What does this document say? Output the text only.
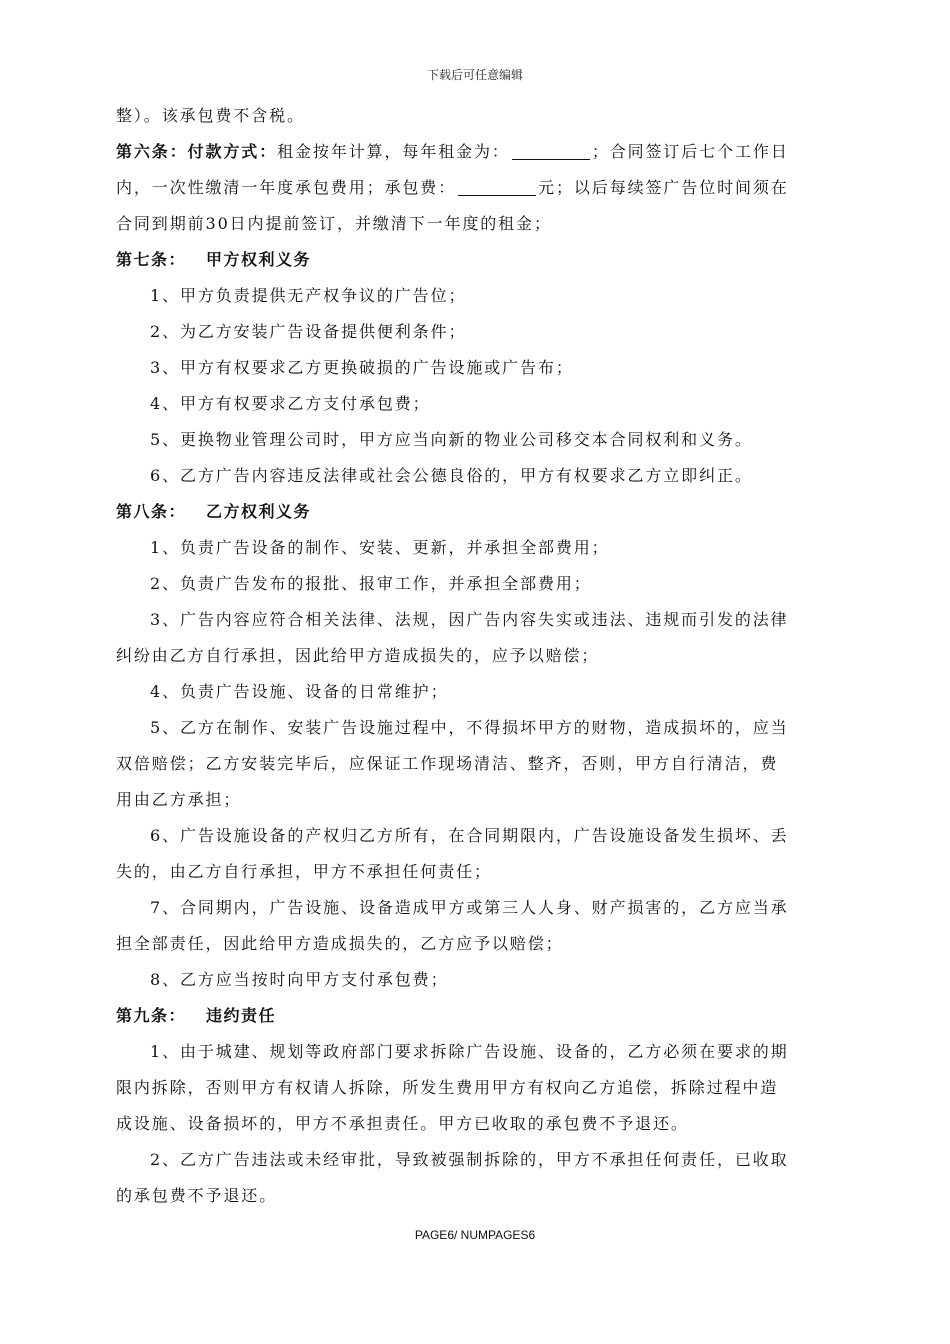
下载后可任意编辑
整）。该承包费不含税。
第六条：付款方式：租金按年计算，每年租金为：	；合同签订后七个工作日
内，一次性缴清一年度承包费用；承包费：	元；以后每续签广告位时间须在
合同到期前30日内提前签订，并缴清下一年度的租金；
第七条： 甲方权利义务
1、甲方负责提供无产权争议的广告位；
2、为乙方安装广告设备提供便利条件；
3、甲方有权要求乙方更换破损的广告设施或广告布；
4、甲方有权要求乙方支付承包费；
5、更换物业管理公司时，甲方应当向新的物业公司移交本合同权利和义务。
6、乙方广告内容违反法律或社会公德良俗的，甲方有权要求乙方立即纠正。
第八条： 乙方权利义务
1、负责广告设备的制作、安装、更新，并承担全部费用；
2、负责广告发布的报批、报审工作，并承担全部费用；
3、广告内容应符合相关法律、法规，因广告内容失实或违法、违规而引发的法律
纠纷由乙方自行承担，因此给甲方造成损失的，应予以赔偿；
4、负责广告设施、设备的日常维护；
5、乙方在制作、安装广告设施过程中，不得损坏甲方的财物，造成损坏的，应当
双倍赔偿；乙方安装完毕后，应保证工作现场清洁、整齐，否则，甲方自行清洁，费
用由乙方承担；
6、广告设施设备的产权归乙方所有，在合同期限内，广告设施设备发生损坏、丢
失的，由乙方自行承担，甲方不承担任何责任；
7、合同期内，广告设施、设备造成甲方或第三人人身、财产损害的，乙方应当承
担全部责任，因此给甲方造成损失的，乙方应予以赔偿；
8、乙方应当按时向甲方支付承包费；
第九条： 违约责任
1、由于城建、规划等政府部门要求拆除广告设施、设备的，乙方必须在要求的期
限内拆除，否则甲方有权请人拆除，所发生费用甲方有权向乙方追偿，拆除过程中造
成设施、设备损坏的，甲方不承担责任。甲方已收取的承包费不予退还。
2、乙方广告违法或未经审批，导致被强制拆除的，甲方不承担任何责任，已收取
的承包费不予退还。
PAGE6/ NUMPAGES6
